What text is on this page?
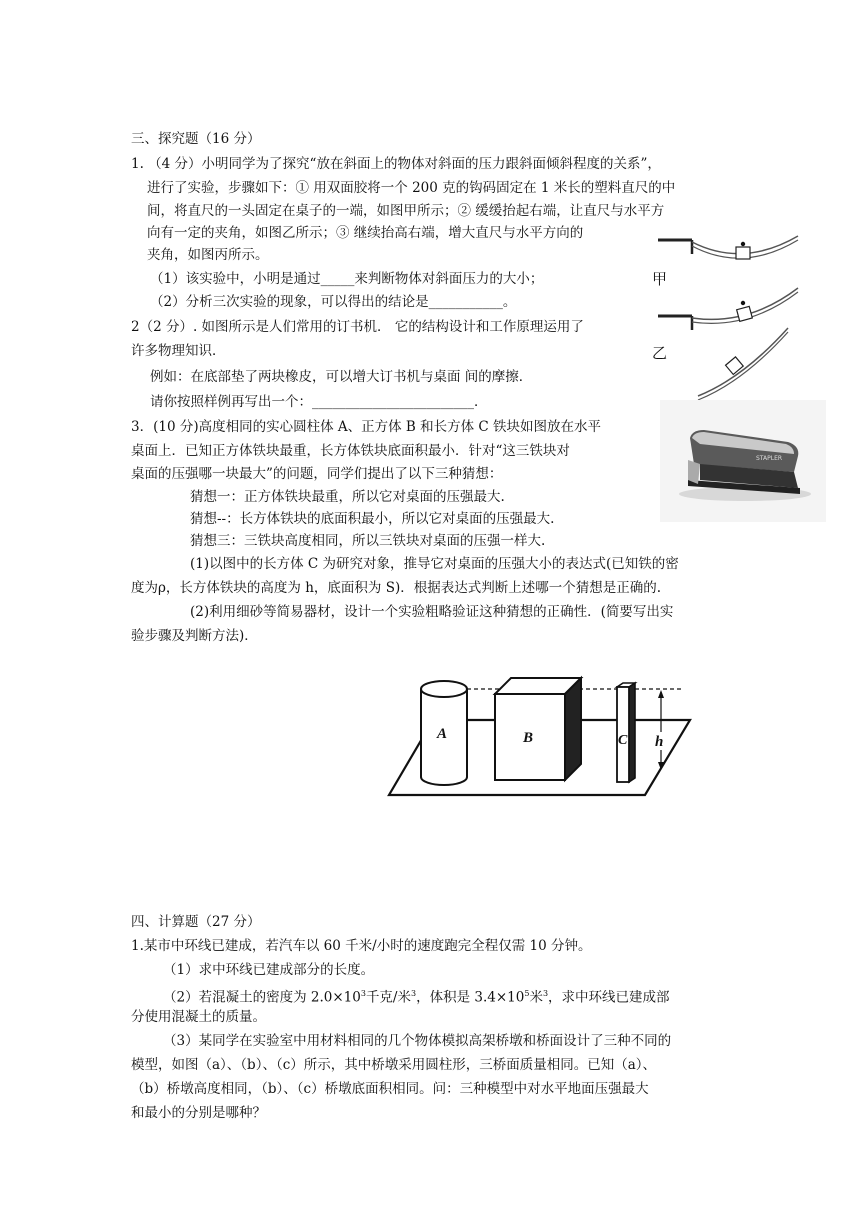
三、探究题（16 分）
1. （4 分）小明同学为了探究“放在斜面上的物体对斜面的压力跟斜面倾斜程度的关系”，
进行了实验，步骤如下：① 用双面胶将一个 200 克的钩码固定在 1 米长的塑料直尺的中
间，将直尺的一头固定在桌子的一端，如图甲所示；② 缓缓抬起右端，让直尺与水平方
向有一定的夹角，如图乙所示；③ 继续抬高右端，增大直尺与水平方向的
夹角，如图丙所示。
（1）该实验中，小明是通过_____来判断物体对斜面压力的大小；
（2）分析三次实验的现象，可以得出的结论是___________。
甲
乙
2（2 分）. 如图所示是人们常用的订书机． 它的结构设计和工作原理运用了
许多物理知识．
例如：在底部垫了两块橡皮，可以增大订书机与桌面 间的摩擦．
请你按照样例再写出一个：________________________．
STAPLER
3．(10 分)高度相同的实心圆柱体 A、正方体 B 和长方体 C 铁块如图放在水平
桌面上．已知正方体铁块最重，长方体铁块底面积最小．针对“这三铁块对
桌面的压强哪一块最大”的问题，同学们提出了以下三种猜想：
猜想一：正方体铁块最重，所以它对桌面的压强最大.
猜想--：长方体铁块的底面积最小，所以它对桌面的压强最大.
猜想三：三铁块高度相同，所以三铁块对桌面的压强一样大.
(1)以图中的长方体 C 为研究对象，推导它对桌面的压强大小的表达式(已知铁的密
度为ρ，长方体铁块的高度为 h，底面积为 S)．根据表达式判断上述哪一个猜想是正确的.
(2)利用细砂等简易器材，设计一个实验粗略验证这种猜想的正确性．(简要写出实
验步骤及判断方法)．
A	B	C h
四、计算题（27 分）
1.某市中环线已建成，若汽车以 60 千米/小时的速度跑完全程仅需 10 分钟。
（1）求中环线已建成部分的长度。
（2）若混凝土的密度为 $2.0\times 10^3$千克/米$^3$，体积是 $3.4\times 10^5$米$^3$，求中环线已建成部
分使用混凝土的质量。
（3）某同学在实验室中用材料相同的几个物体模拟高架桥墩和桥面设计了三种不同的
模型，如图（a）、（b）、（c）所示，其中桥墩采用圆柱形，三桥面质量相同。已知（a）、
（b）桥墩高度相同，（b）、（c）桥墩底面积相同。问：三种模型中对水平地面压强最大
和最小的分别是哪种？
